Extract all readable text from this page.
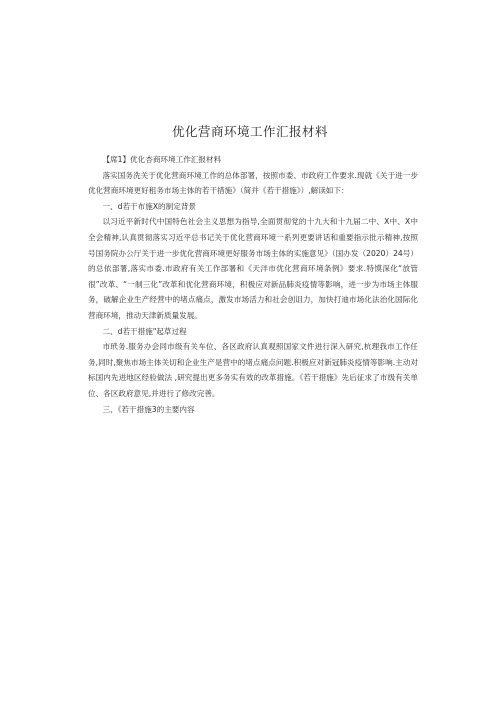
优化营商环境工作汇报材料

【席1】优化杏商环境工作汇报材料

落实国务洗关于优化营商环境工作的总体部署，按照市委、市政府工作要求.现就《关于进一步优化营商环境更好租务市场主体的若干措施》（简并《若干措施》）,解读如下：

一、d若干布施X的制定背景

以习近平新时代中国特色社会主义思想为指导,全面贯彻党的十九大和十九届二中、X中、X中全会精神,认真贯彻落实习近平总书记关于优化营商环境一系列更要讲话和重要指示批示精神,按照号国务院办公厅关于进一步优化营商环境更好服务市场主体的实施意见》（国办发（2020）24号）的总依部署,落实市委.市政府有关工作部署和《天泮市优化营商环境条例》要求.特馍深化“放管很”改革、“一制三化”改革和优化营商环境，积极应对新品肺炎疫情等影响，进一步为市场主体服务，破解企业生产经营中的堵点痛点，激发市场活力和社会创诅力，加快打迪市场化法治化国际化营商环境，推动天津新质量发展。

二、d若干措施"起草过程

市玳务.服务办会同市级有关车位、各区政府认真观照国家文件进行深入研究,杭理我市工作任务,同时,聚焦市场主体关切和企业生产是营中的堵点痛点问题.积极应对新冠肺炎疫情等影响.主动对标国内先进地区经验做法 ,研究提出更多务实有效的改革措施。《若干措施》先后征求了市级有关单位、各区政府意见,并进行了修改完善。

三、《若干措施3的主要内容
